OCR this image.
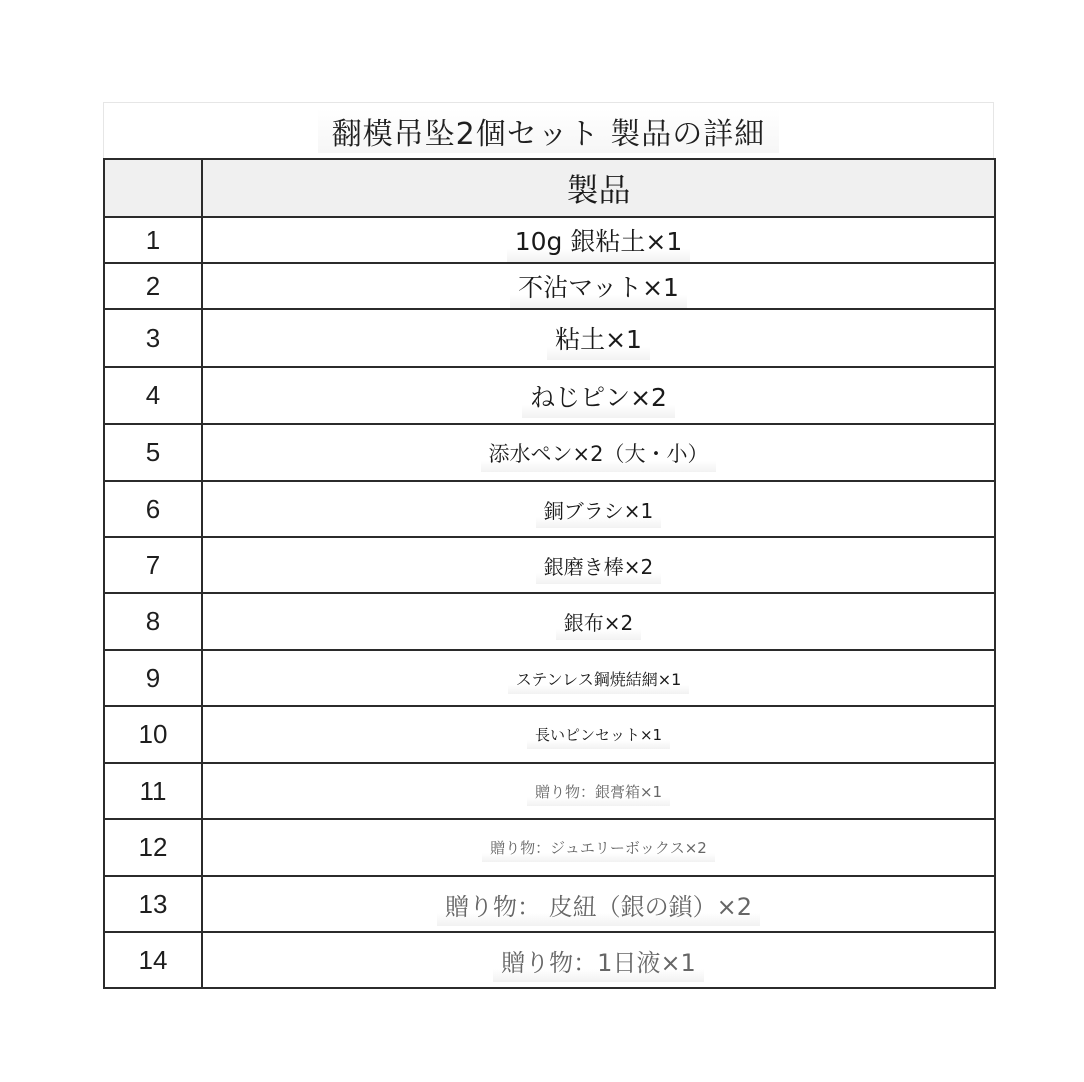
翻模吊坠2個セット 製品の詳細
	製品
1	10g 銀粘土×1
2	不沾マット×1
3	粘土×1
4	ねじピン×2
5	添水ペン×2（大・小）
6	銅ブラシ×1
7	銀磨き棒×2
8	銀布×2
9	ステンレス鋼焼結網×1
10	長いピンセット×1
11	贈り物：銀膏箱×1
12	贈り物：ジュエリーボックス×2
13	贈り物： 皮紐（銀の鎖）×2
14	贈り物：1日液×1
